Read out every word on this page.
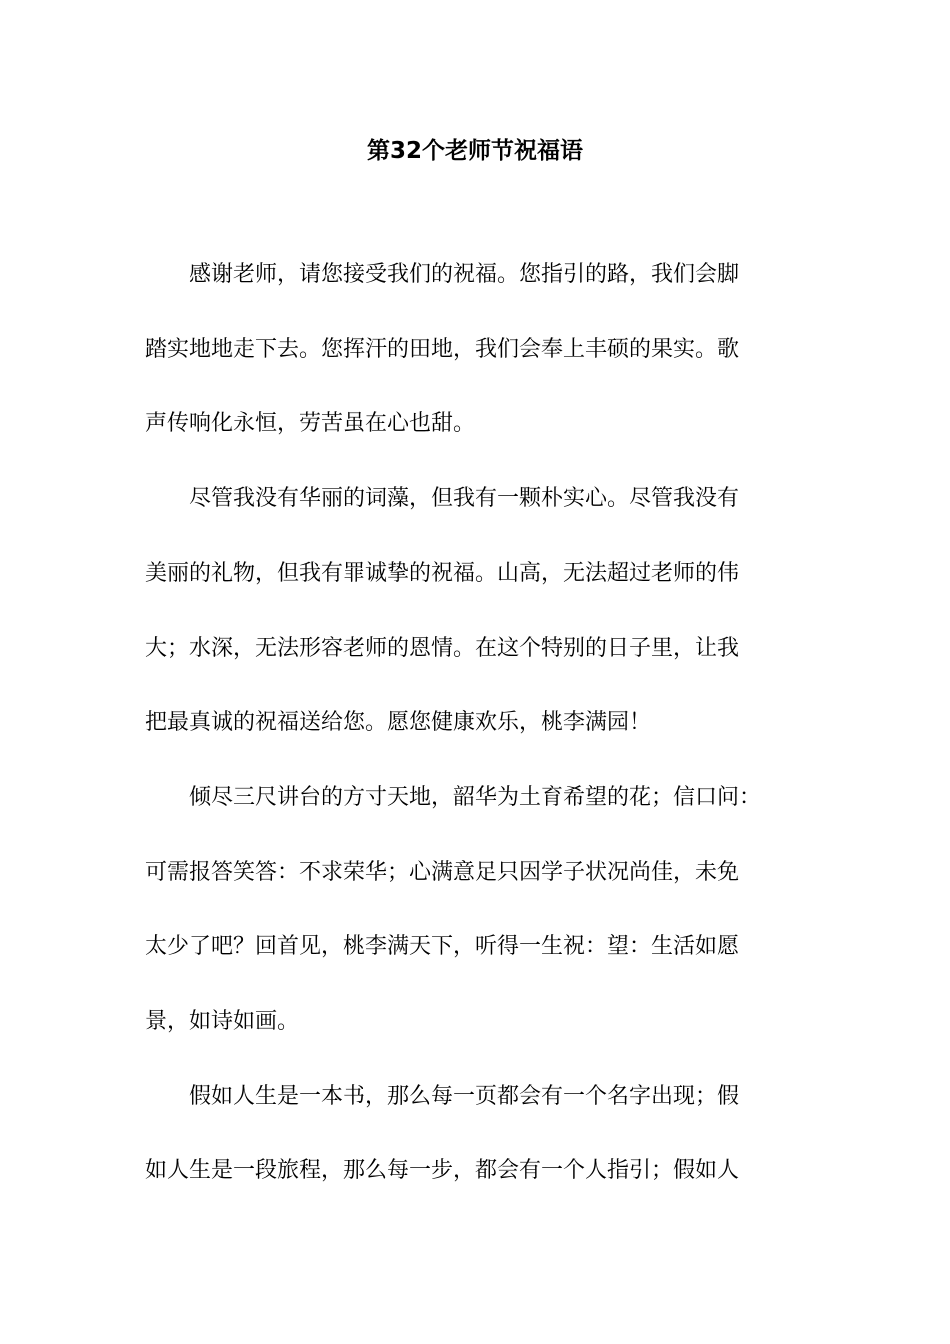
第32个老师节祝福语
　　感谢老师，请您接受我们的祝福。您指引的路，我们会脚
踏实地地走下去。您挥汗的田地，我们会奉上丰硕的果实。歌
声传响化永恒，劳苦虽在心也甜。
　　尽管我没有华丽的词藻，但我有一颗朴实心。尽管我没有
美丽的礼物，但我有罪诚挚的祝福。山高，无法超过老师的伟
大；水深，无法形容老师的恩情。在这个特别的日子里，让我
把最真诚的祝福送给您。愿您健康欢乐，桃李满园！
　　倾尽三尺讲台的方寸天地，韶华为土育希望的花；信口问：
可需报答笑答：不求荣华；心满意足只因学子状况尚佳，未免
太少了吧？回首见，桃李满天下，听得一生祝：望：生活如愿
景，如诗如画。
　　假如人生是一本书，那么每一页都会有一个名字出现；假
如人生是一段旅程，那么每一步，都会有一个人指引；假如人
